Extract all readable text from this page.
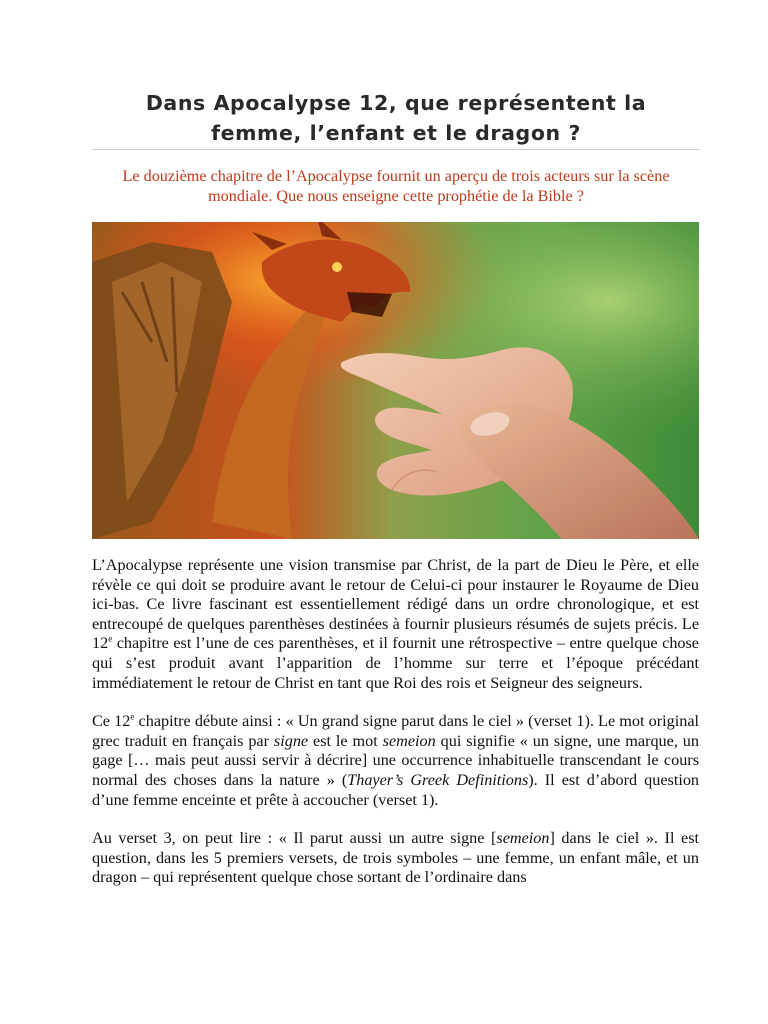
Dans Apocalypse 12, que représentent la
femme, l’enfant et le dragon ?
Le douzième chapitre de l’Apocalypse fournit un aperçu de trois acteurs sur la scène
mondiale. Que nous enseigne cette prophétie de la Bible ?

L’Apocalypse représente une vision transmise par Christ, de la part de Dieu le Père, et elle révèle ce qui doit se produire avant le retour de Celui-ci pour instaurer le Royaume de Dieu ici-bas. Ce livre fascinant est essentiellement rédigé dans un ordre chronologique, et est entrecoupé de quelques parenthèses destinées à fournir plusieurs résumés de sujets précis. Le 12e chapitre est l’une de ces parenthèses, et il fournit une rétrospective – entre quelque chose qui s’est produit avant l’apparition de l’homme sur terre et l’époque précédant immédiatement le retour de Christ en tant que Roi des rois et Seigneur des seigneurs.

Ce 12e chapitre débute ainsi : « Un grand signe parut dans le ciel » (verset 1). Le mot original grec traduit en français par signe est le mot semeion qui signifie « un signe, une marque, un gage [… mais peut aussi servir à décrire] une occurrence inhabituelle transcendant le cours normal des choses dans la nature » (Thayer’s Greek Definitions). Il est d’abord question d’une femme enceinte et prête à accoucher (verset 1).

Au verset 3, on peut lire : « Il parut aussi un autre signe [semeion] dans le ciel ». Il est question, dans les 5 premiers versets, de trois symboles – une femme, un enfant mâle, et un dragon – qui représentent quelque chose sortant de l’ordinaire dans
